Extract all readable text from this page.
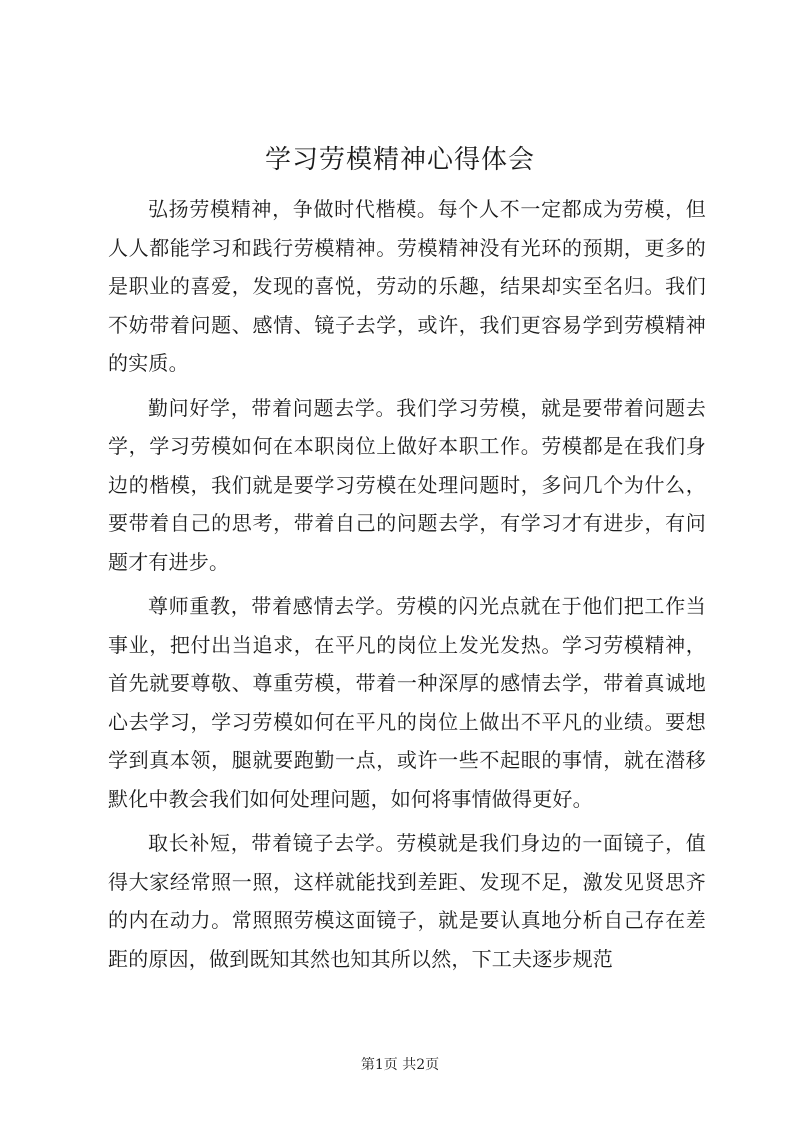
学习劳模精神心得体会

弘扬劳模精神，争做时代楷模。每个人不一定都成为劳模，但人人都能学习和践行劳模精神。劳模精神没有光环的预期，更多的是职业的喜爱，发现的喜悦，劳动的乐趣，结果却实至名归。我们不妨带着问题、感情、镜子去学，或许，我们更容易学到劳模精神的实质。

勤问好学，带着问题去学。我们学习劳模，就是要带着问题去学，学习劳模如何在本职岗位上做好本职工作。劳模都是在我们身边的楷模，我们就是要学习劳模在处理问题时，多问几个为什么，要带着自己的思考，带着自己的问题去学，有学习才有进步，有问题才有进步。

尊师重教，带着感情去学。劳模的闪光点就在于他们把工作当事业，把付出当追求，在平凡的岗位上发光发热。学习劳模精神，首先就要尊敬、尊重劳模，带着一种深厚的感情去学，带着真诚地心去学习，学习劳模如何在平凡的岗位上做出不平凡的业绩。要想学到真本领，腿就要跑勤一点，或许一些不起眼的事情，就在潜移默化中教会我们如何处理问题，如何将事情做得更好。

取长补短，带着镜子去学。劳模就是我们身边的一面镜子，值得大家经常照一照，这样就能找到差距、发现不足，激发见贤思齐的内在动力。常照照劳模这面镜子，就是要认真地分析自己存在差距的原因，做到既知其然也知其所以然，下工夫逐步规范

第1页 共2页
